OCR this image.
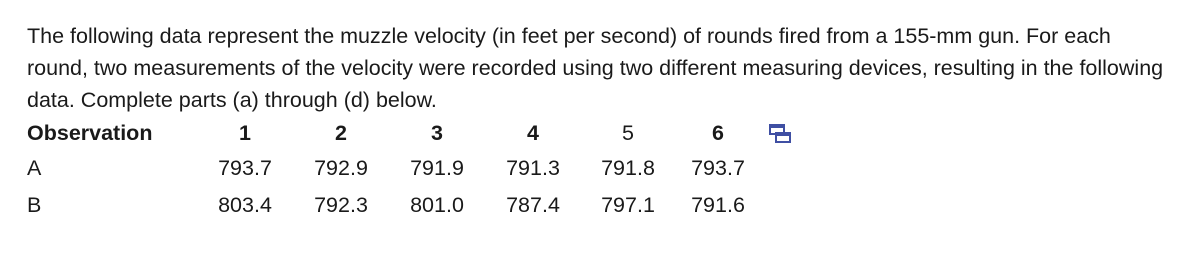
The following data represent the muzzle velocity (in feet per second) of rounds fired from a 155-mm gun. For each round, two measurements of the velocity were recorded using two different measuring devices, resulting in the following data. Complete parts (a) through (d) below.

Observation	1	2	3	4	5	6	
A	793.7	792.9	791.9	791.3	791.8	793.7	
B	803.4	792.3	801.0	787.4	797.1	791.6	
